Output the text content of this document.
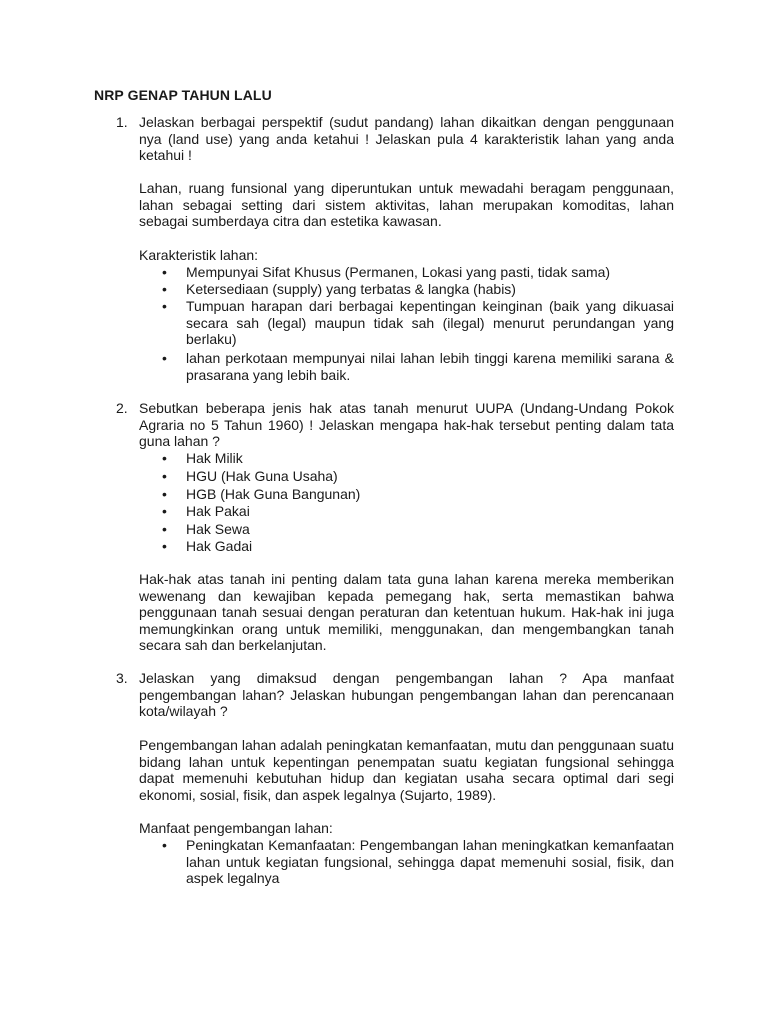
NRP GENAP TAHUN LALU
1. Jelaskan berbagai perspektif (sudut pandang) lahan dikaitkan dengan penggunaan nya (land use) yang anda ketahui ! Jelaskan pula 4 karakteristik lahan yang anda ketahui !
Lahan, ruang funsional yang diperuntukan untuk mewadahi beragam penggunaan, lahan sebagai setting dari sistem aktivitas, lahan merupakan komoditas, lahan sebagai sumberdaya citra dan estetika kawasan.
Karakteristik lahan:
•	Mempunyai Sifat Khusus (Permanen, Lokasi yang pasti, tidak sama)
•	Ketersediaan (supply) yang terbatas & langka (habis)
•	Tumpuan harapan dari berbagai kepentingan keinginan (baik yang dikuasai secara sah (legal) maupun tidak sah (ilegal) menurut perundangan yang berlaku)
•	lahan perkotaan mempunyai nilai lahan lebih tinggi karena memiliki sarana & prasarana yang lebih baik.
2. Sebutkan beberapa jenis hak atas tanah menurut UUPA (Undang-Undang Pokok Agraria no 5 Tahun 1960) ! Jelaskan mengapa hak-hak tersebut penting dalam tata guna lahan ?
•	Hak Milik
•	HGU (Hak Guna Usaha)
•	HGB (Hak Guna Bangunan)
•	Hak Pakai
•	Hak Sewa
•	Hak Gadai
Hak-hak atas tanah ini penting dalam tata guna lahan karena mereka memberikan wewenang dan kewajiban kepada pemegang hak, serta memastikan bahwa penggunaan tanah sesuai dengan peraturan dan ketentuan hukum. Hak-hak ini juga memungkinkan orang untuk memiliki, menggunakan, dan mengembangkan tanah secara sah dan berkelanjutan.
3. Jelaskan yang dimaksud dengan pengembangan lahan ? Apa manfaat pengembangan lahan? Jelaskan hubungan pengembangan lahan dan perencanaan kota/wilayah ?
Pengembangan lahan adalah peningkatan kemanfaatan, mutu dan penggunaan suatu bidang lahan untuk kepentingan penempatan suatu kegiatan fungsional sehingga dapat memenuhi kebutuhan hidup dan kegiatan usaha secara optimal dari segi ekonomi, sosial, fisik, dan aspek legalnya (Sujarto, 1989).
Manfaat pengembangan lahan:
•	Peningkatan Kemanfaatan: Pengembangan lahan meningkatkan kemanfaatan lahan untuk kegiatan fungsional, sehingga dapat memenuhi sosial, fisik, dan aspek legalnya
